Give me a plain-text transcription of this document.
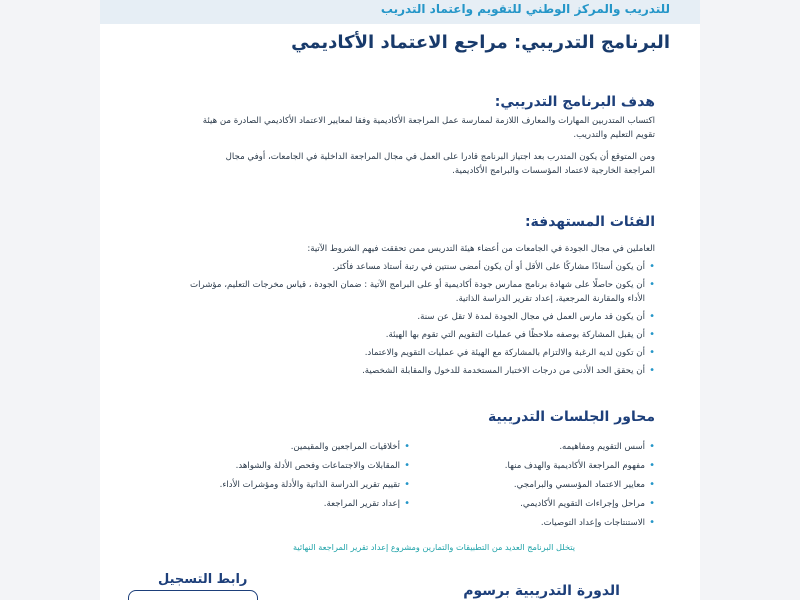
للتدريب والمركز الوطني للتقويم واعتماد التدريب
البرنامج التدريبي: مراجع الاعتماد الأكاديمي
هدف البرنامج التدريبي:

اكتساب المتدربين المهارات والمعارف اللازمة لممارسة عمل المراجعة الأكاديمية وفقا لمعايير الاعتماد الأكاديمي الصادرة من هيئة تقويم التعليم والتدريب.

ومن المتوقع أن يكون المتدرب بعد اجتياز البرنامج قادرا على العمل في مجال المراجعة الداخلية في الجامعات، أوفي مجال المراجعة الخارجية لاعتماد المؤسسات والبرامج الأكاديمية.

الفئات المستهدفة:

العاملين في مجال الجودة في الجامعات من أعضاء هيئة التدريس ممن تحققت فيهم الشروط الآتية:

• أن يكون أستاذًا مشاركًا على الأقل أو أن يكون أمضى سنتين في رتبة أستاذ مساعد فأكثر.
• أن يكون حاصلًا على شهادة برنامج ممارس جودة أكاديمية أو على البرامج الآتية : ضمان الجودة ، قياس مخرجات التعليم، مؤشرات الأداء والمقارنة المرجعية، إعداد تقرير الدراسة الذاتية.
• أن يكون قد مارس العمل في مجال الجودة لمدة لا تقل عن سنة.
• أن يقبل المشاركة بوصفه ملاحظًا في عمليات التقويم التي تقوم بها الهيئة.
• أن تكون لديه الرغبة والالتزام بالمشاركة مع الهيئة في عمليات التقويم والاعتماد.
• أن يحقق الحد الأدنى من درجات الاختبار المستخدمة للدخول والمقابلة الشخصية.
محاور الجلسات التدريبية
• أسس التقويم ومفاهيمه.
• مفهوم المراجعة الأكاديمية والهدف منها.
• معايير الاعتماد المؤسسي والبرامجي.
• مراحل وإجراءات التقويم الأكاديمي.
• الاستنتاجات وإعداد التوصيات.
• أخلاقيات المراجعين والمقيمين.
• المقابلات والاجتماعات وفحص الأدلة والشواهد.
• تقييم تقرير الدراسة الذاتية والأدلة ومؤشرات الأداء.
• إعداد تقرير المراجعة.
يتخلل البرنامج العديد من التطبيقات والتمارين ومشروع إعداد تقرير المراجعة النهائية
رابط التسجيل
الدورة التدريبية برسوم
